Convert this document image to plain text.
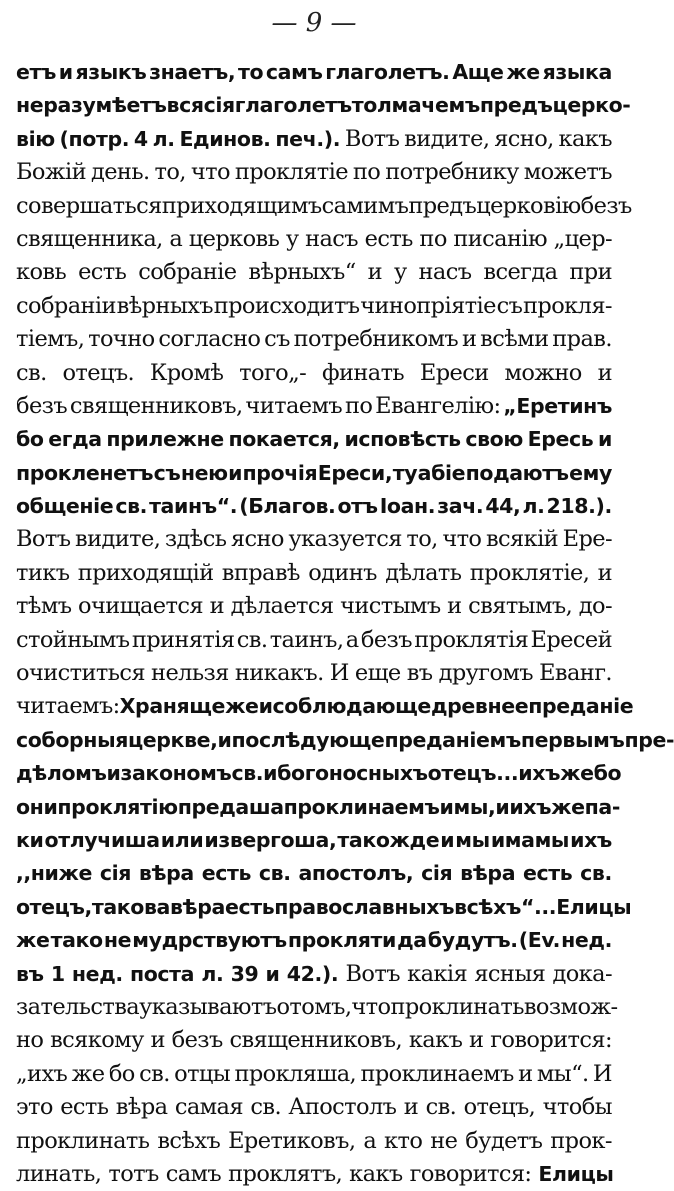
— 9 —
етъ и языкъ знаетъ, то самъ глаголетъ. Аще же языка
не разумѣетъ вся сія глаголетъ толмачемъ предъ церко-
вію (потр. 4 л. Единов. печ.). Вотъ видите, ясно, какъ
Божій день. то, что проклятіе по потребнику можетъ
совершаться приходящимъ самимъ предъ церковію безъ
священника, а церковь у насъ есть по писанію „цер-
ковь есть собраніе вѣрныхъ“ и у насъ всегда при
собраніи вѣрныхъ происходитъ чинопріятіе съ прокля-
тіемъ, точно согласно съ потребникомъ и всѣми прав.
св. отецъ. Кромѣ того„- финать Ереси можно и
безъ священниковъ, читаемъ по Евангелію: „Еретинъ
бо егда прилежне покается, исповѣсть свою Ересь и
прокленетъ съ нею и прочія Ереси, ту абіе подаютъ ему
общеніе св. таинъ“. (Благов. отъ Іоан. зач. 44, л. 218.).
Вотъ видите, здѣсь ясно указуется то, что всякій Ере-
тикъ приходящій вправѣ одинъ дѣлать проклятіе, и
тѣмъ очищается и дѣлается чистымъ и святымъ, до-
стойнымъ принятія св. таинъ, а безъ проклятія Ересей
очиститься нельзя никакъ. И еще въ другомъ Еванг.
читаемъ: Хранящe же и соблюдающе древнее преданіе
соборныя церкве, и послѣдующе преданіемъ первымъ пре-
дѣломъ и закономъ св. и богоносныхъ отецъ... ихъ же бо
они проклятію предаша проклинаемъ и мы, и ихъ же па-
ки отлучиша или извергоша, такожде и мы имамы ихъ
,,ниже сія вѣра есть св. апостолъ, сія вѣра есть св.
отецъ, такова вѣра есть православныхъ всѣхъ“... Елицы
же тако не мудрствуютъ прокляти да будутъ. (Ev. нед.
въ 1 нед. поста л. 39 и 42.). Вотъ какія ясныя дока-
зательства указываютъ о томъ, что проклинать возмож-
но всякому и безъ священниковъ, какъ и говорится:
„ихъ же бо св. отцы прокляша, проклинаемъ и мы“. И
это есть вѣра самая св. Апостолъ и св. отецъ, чтобы
проклинать всѣхъ Еретиковъ, а кто не будетъ прок-
линать, тотъ самъ проклятъ, какъ говорится: Елицы
